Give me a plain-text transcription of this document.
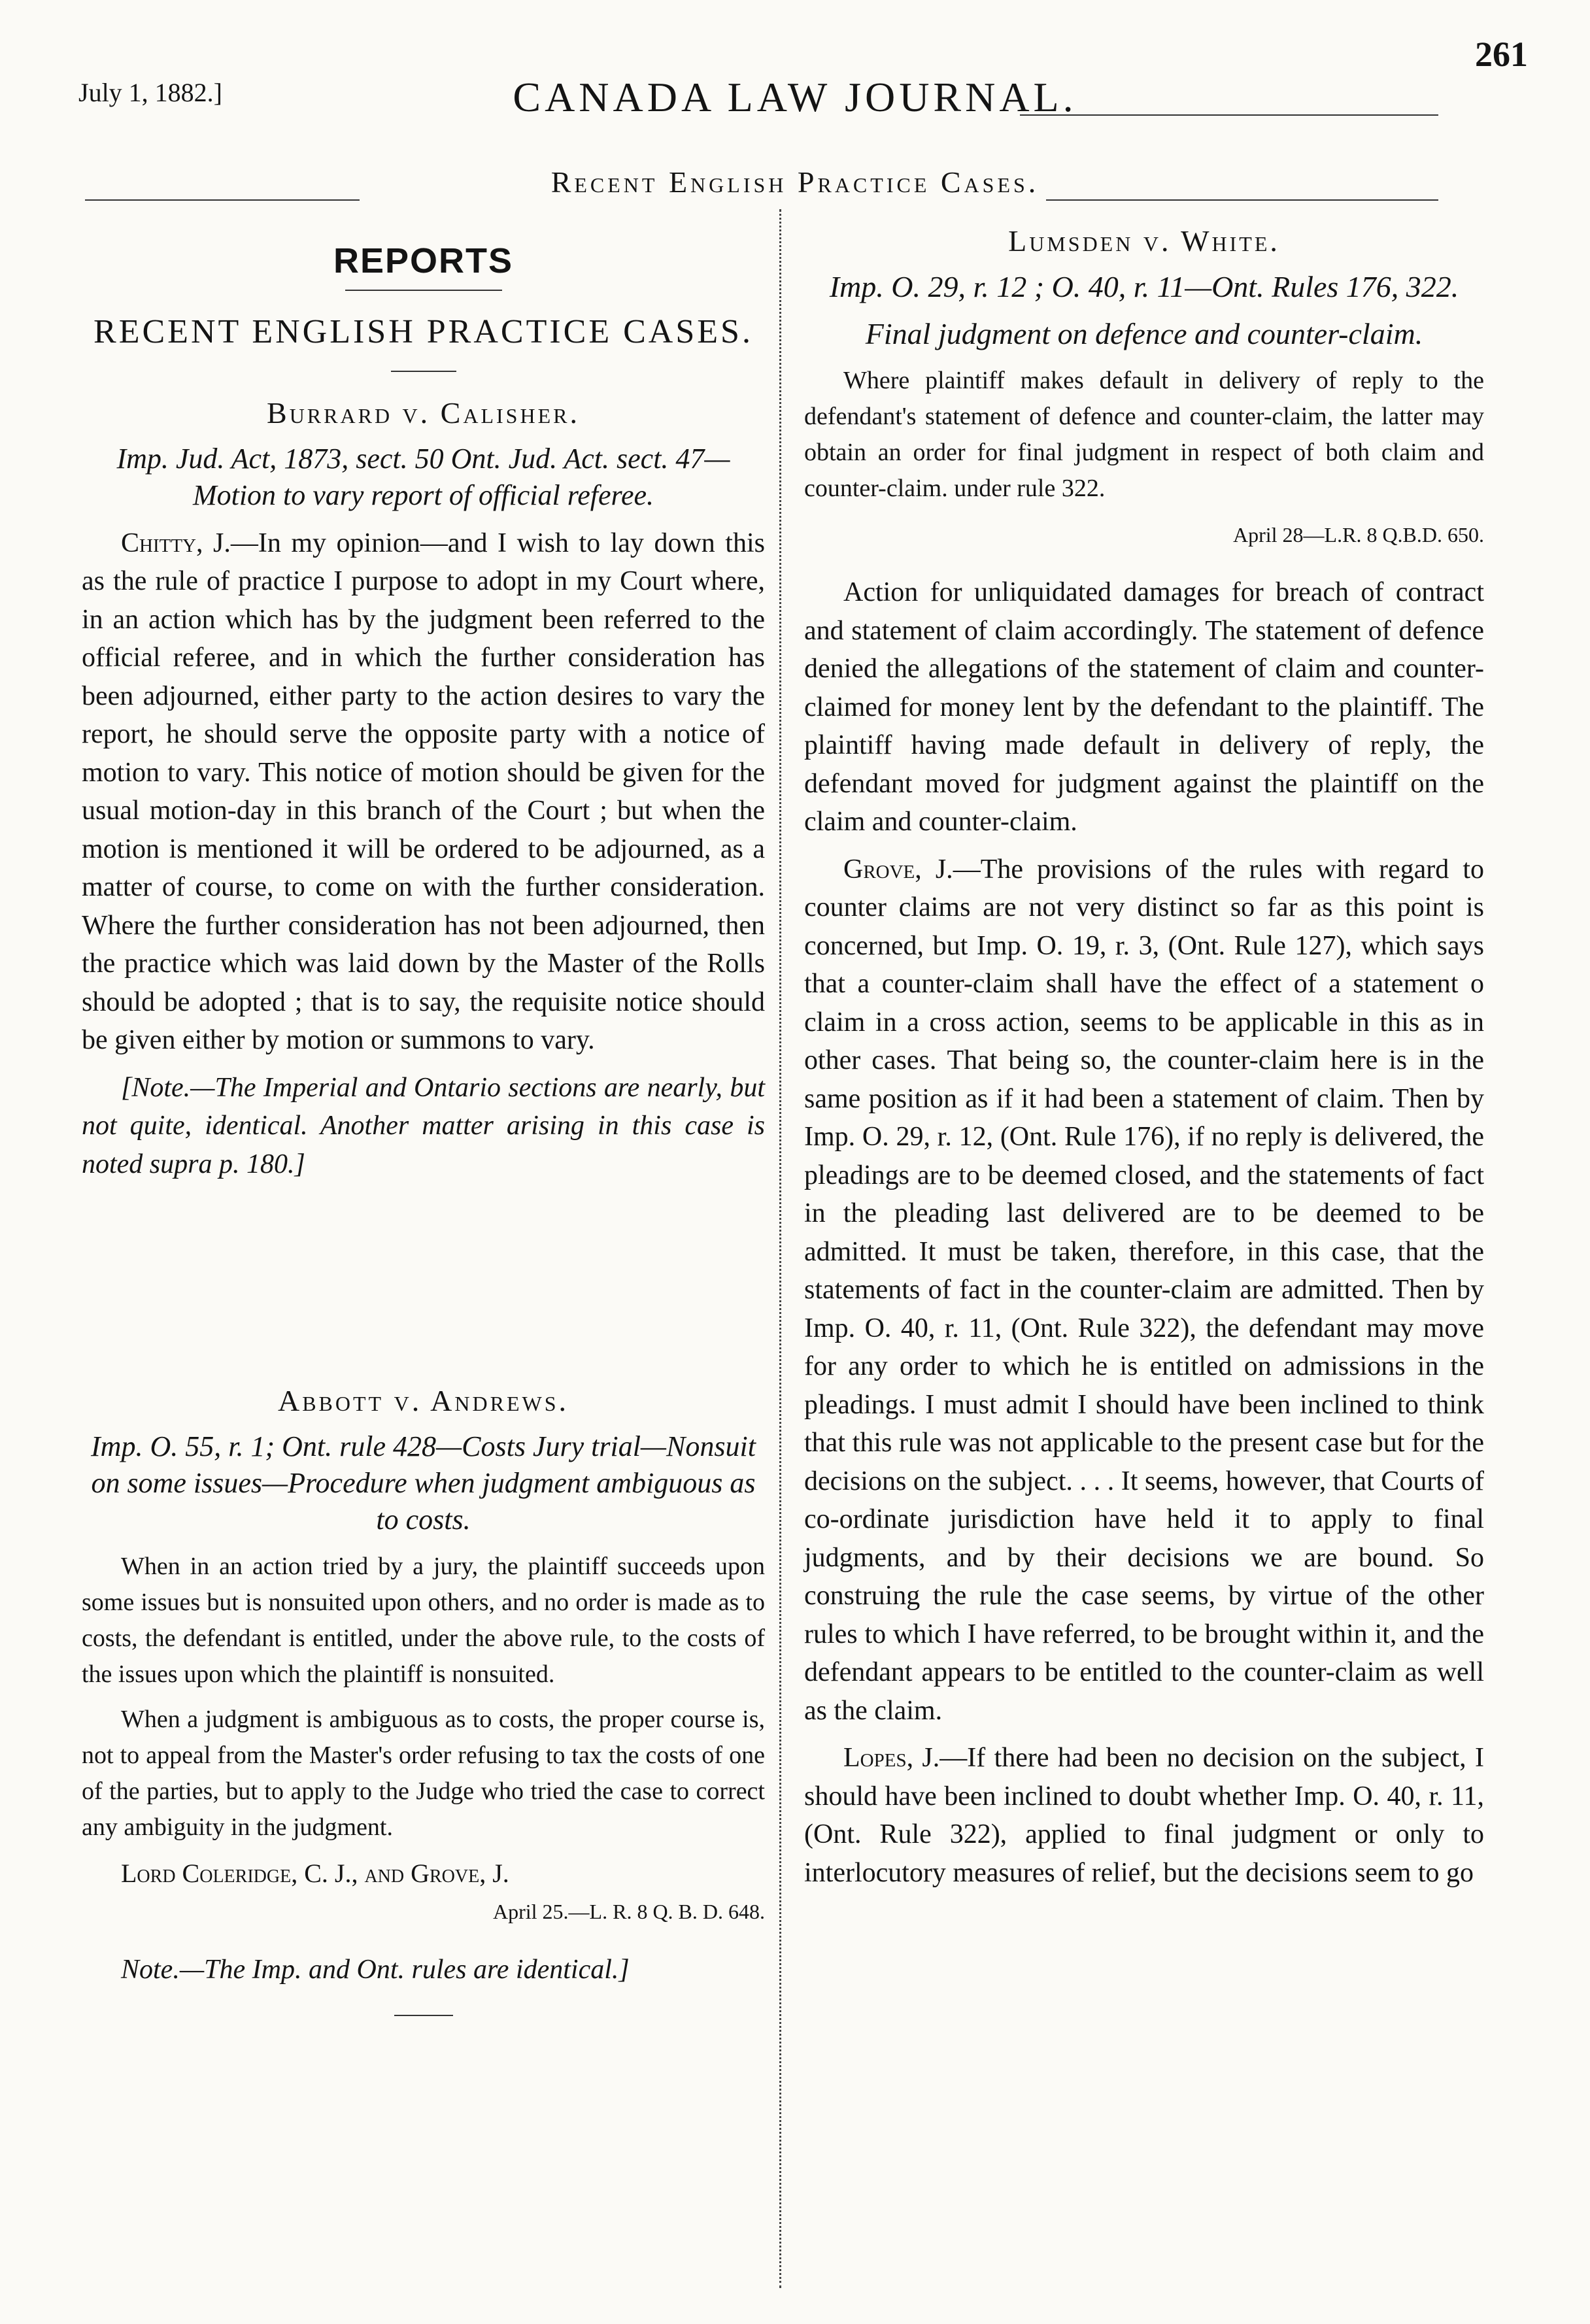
July 1, 1882.]	CANADA LAW JOURNAL.
261
Recent English Practice Cases.
REPORTS
RECENT ENGLISH PRACTICE CASES.
Burrard v. Calisher.
Imp. Jud. Act, 1873, sect. 50 Ont. Jud. Act. sect. 47—Motion to vary report of official referee.

Chitty, J.—In my opinion—and I wish to lay down this as the rule of practice I purpose to adopt in my Court where, in an action which has by the judgment been referred to the official referee, and in which the further consideration has been adjourned, either party to the action desires to vary the report, he should serve the opposite party with a notice of motion to vary. This notice of motion should be given for the usual motion-day in this branch of the Court ; but when the motion is mentioned it will be ordered to be adjourned, as a matter of course, to come on with the further consideration. Where the further consideration has not been adjourned, then the practice which was laid down by the Master of the Rolls should be adopted ; that is to say, the requisite notice should be given either by motion or summons to vary.

[Note.—The Imperial and Ontario sections are nearly, but not quite, identical. Another matter arising in this case is noted supra p. 180.]

Abbott v. Andrews.
Imp. O. 55, r. 1; Ont. rule 428—Costs Jury trial—Nonsuit on some issues—Procedure when judgment ambiguous as to costs.

When in an action tried by a jury, the plaintiff succeeds upon some issues but is nonsuited upon others, and no order is made as to costs, the defendant is entitled, under the above rule, to the costs of the issues upon which the plaintiff is nonsuited.

When a judgment is ambiguous as to costs, the proper course is, not to appeal from the Master's order refusing to tax the costs of one of the parties, but to apply to the Judge who tried the case to correct any ambiguity in the judgment.

Lord Coleridge, C. J., and Grove, J.
April 25.—L. R. 8 Q. B. D. 648.

Note.—The Imp. and Ont. rules are identical.]

Lumsden v. White.
Imp. O. 29, r. 12 ; O. 40, r. 11—Ont. Rules 176, 322.
Final judgment on defence and counter-claim.

Where plaintiff makes default in delivery of reply to the defendant's statement of defence and counter-claim, the latter may obtain an order for final judgment in respect of both claim and counter-claim. under rule 322.

April 28—L.R. 8 Q.B.D. 650.

Action for unliquidated damages for breach of contract and statement of claim accordingly. The statement of defence denied the allegations of the statement of claim and counter-claimed for money lent by the defendant to the plaintiff. The plaintiff having made default in delivery of reply, the defendant moved for judgment against the plaintiff on the claim and counter-claim.

Grove, J.—The provisions of the rules with regard to counter claims are not very distinct so far as this point is concerned, but Imp. O. 19, r. 3, (Ont. Rule 127), which says that a counter-claim shall have the effect of a statement o claim in a cross action, seems to be applicable in this as in other cases. That being so, the counter-claim here is in the same position as if it had been a statement of claim. Then by Imp. O. 29, r. 12, (Ont. Rule 176), if no reply is delivered, the pleadings are to be deemed closed, and the statements of fact in the pleading last delivered are to be deemed to be admitted. It must be taken, therefore, in this case, that the statements of fact in the counter-claim are admitted. Then by Imp. O. 40, r. 11, (Ont. Rule 322), the defendant may move for any order to which he is entitled on admissions in the pleadings. I must admit I should have been inclined to think that this rule was not applicable to the present case but for the decisions on the subject. . . . It seems, however, that Courts of co-ordinate jurisdiction have held it to apply to final judgments, and by their decisions we are bound. So construing the rule the case seems, by virtue of the other rules to which I have referred, to be brought within it, and the defendant appears to be entitled to the counter-claim as well as the claim.

Lopes, J.—If there had been no decision on the subject, I should have been inclined to doubt whether Imp. O. 40, r. 11, (Ont. Rule 322), applied to final judgment or only to interlocutory measures of relief, but the decisions seem to go
